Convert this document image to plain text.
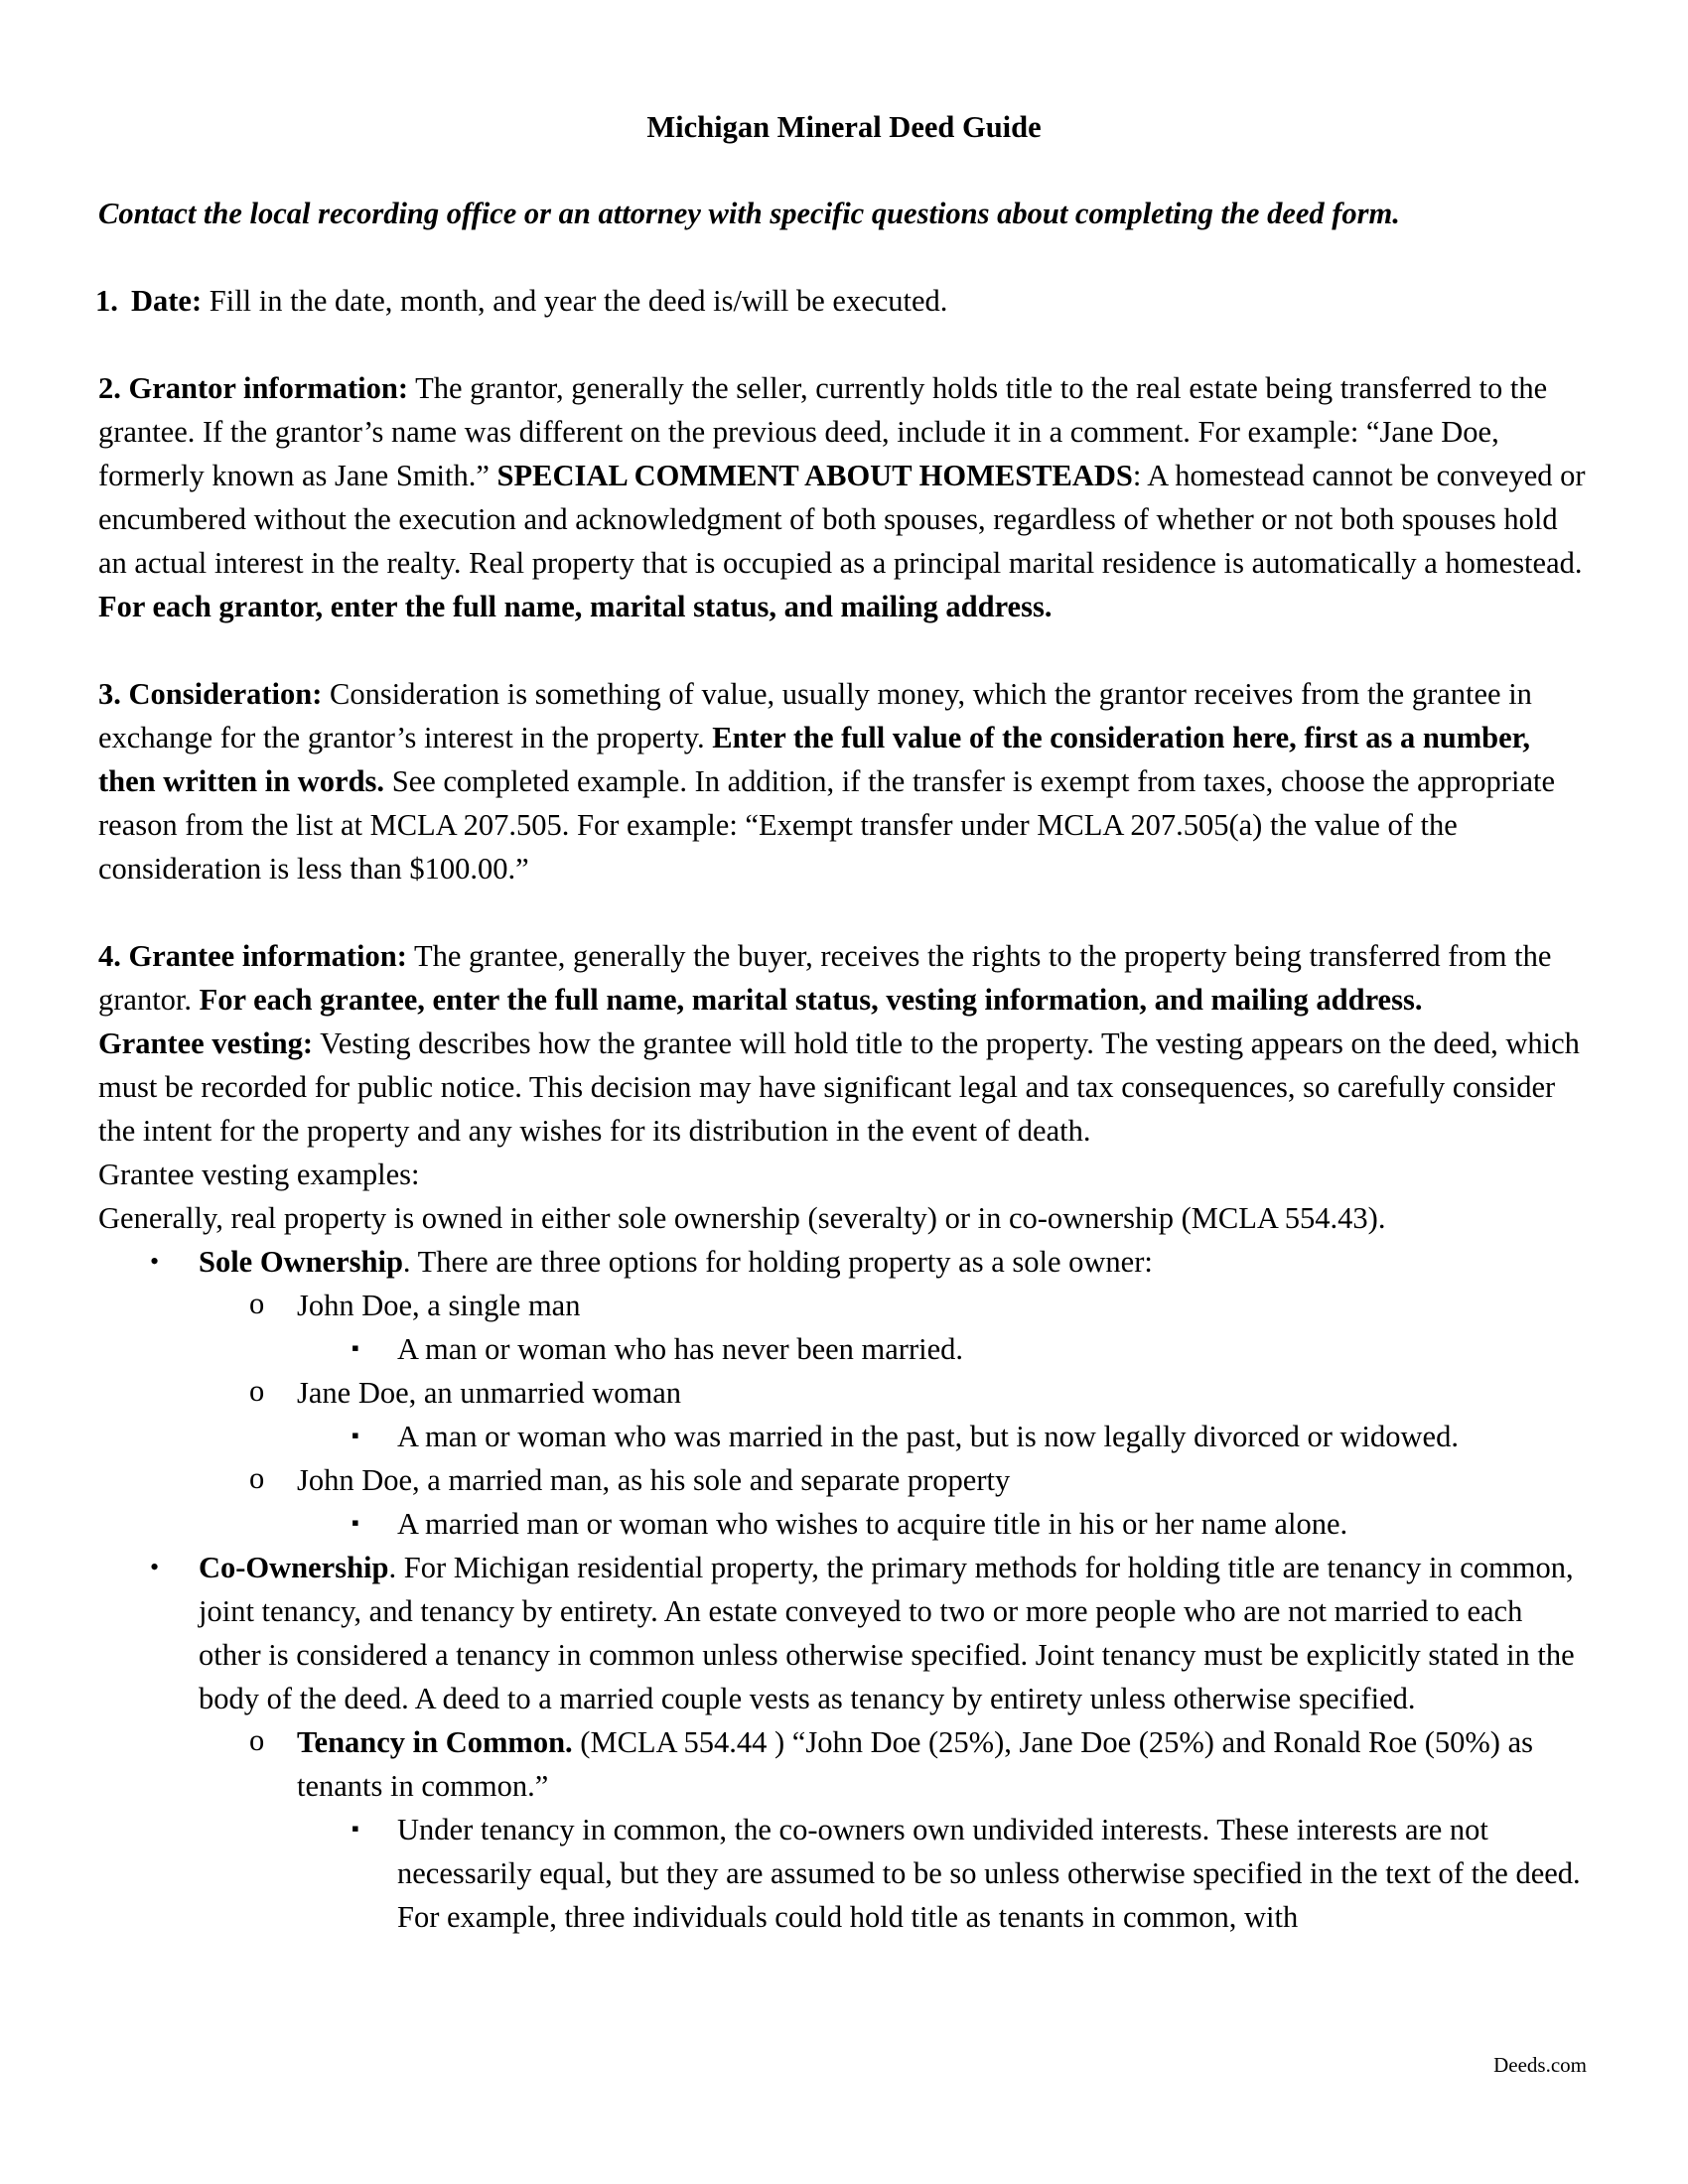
Michigan Mineral Deed Guide

Contact the local recording office or an attorney with specific questions about completing the deed form.

1. Date: Fill in the date, month, and year the deed is/will be executed.

2. Grantor information: The grantor, generally the seller, currently holds title to the real estate being transferred to the grantee. If the grantor’s name was different on the previous deed, include it in a comment. For example: “Jane Doe, formerly known as Jane Smith.” SPECIAL COMMENT ABOUT HOMESTEADS: A homestead cannot be conveyed or encumbered without the execution and acknowledgment of both spouses, regardless of whether or not both spouses hold an actual interest in the realty. Real property that is occupied as a principal marital residence is automatically a homestead. For each grantor, enter the full name, marital status, and mailing address.

3. Consideration: Consideration is something of value, usually money, which the grantor receives from the grantee in exchange for the grantor’s interest in the property. Enter the full value of the consideration here, first as a number, then written in words. See completed example. In addition, if the transfer is exempt from taxes, choose the appropriate reason from the list at MCLA 207.505. For example: “Exempt transfer under MCLA 207.505(a) the value of the consideration is less than $100.00.”

4. Grantee information: The grantee, generally the buyer, receives the rights to the property being transferred from the grantor. For each grantee, enter the full name, marital status, vesting information, and mailing address.

Grantee vesting: Vesting describes how the grantee will hold title to the property. The vesting appears on the deed, which must be recorded for public notice. This decision may have significant legal and tax consequences, so carefully consider the intent for the property and any wishes for its distribution in the event of death.

Grantee vesting examples:

Generally, real property is owned in either sole ownership (severalty) or in co-ownership (MCLA 554.43).

• Sole Ownership. There are three options for holding property as a sole owner:
o John Doe, a single man
▪ A man or woman who has never been married.
o Jane Doe, an unmarried woman
▪ A man or woman who was married in the past, but is now legally divorced or widowed.
o John Doe, a married man, as his sole and separate property
▪ A married man or woman who wishes to acquire title in his or her name alone.
• Co-Ownership. For Michigan residential property, the primary methods for holding title are tenancy in common, joint tenancy, and tenancy by entirety. An estate conveyed to two or more people who are not married to each other is considered a tenancy in common unless otherwise specified. Joint tenancy must be explicitly stated in the body of the deed. A deed to a married couple vests as tenancy by entirety unless otherwise specified.
o Tenancy in Common. (MCLA 554.44 ) “John Doe (25%), Jane Doe (25%) and Ronald Roe (50%) as tenants in common.”
▪ Under tenancy in common, the co-owners own undivided interests. These interests are not necessarily equal, but they are assumed to be so unless otherwise specified in the text of the deed. For example, three individuals could hold title as tenants in common, with
Deeds.com
